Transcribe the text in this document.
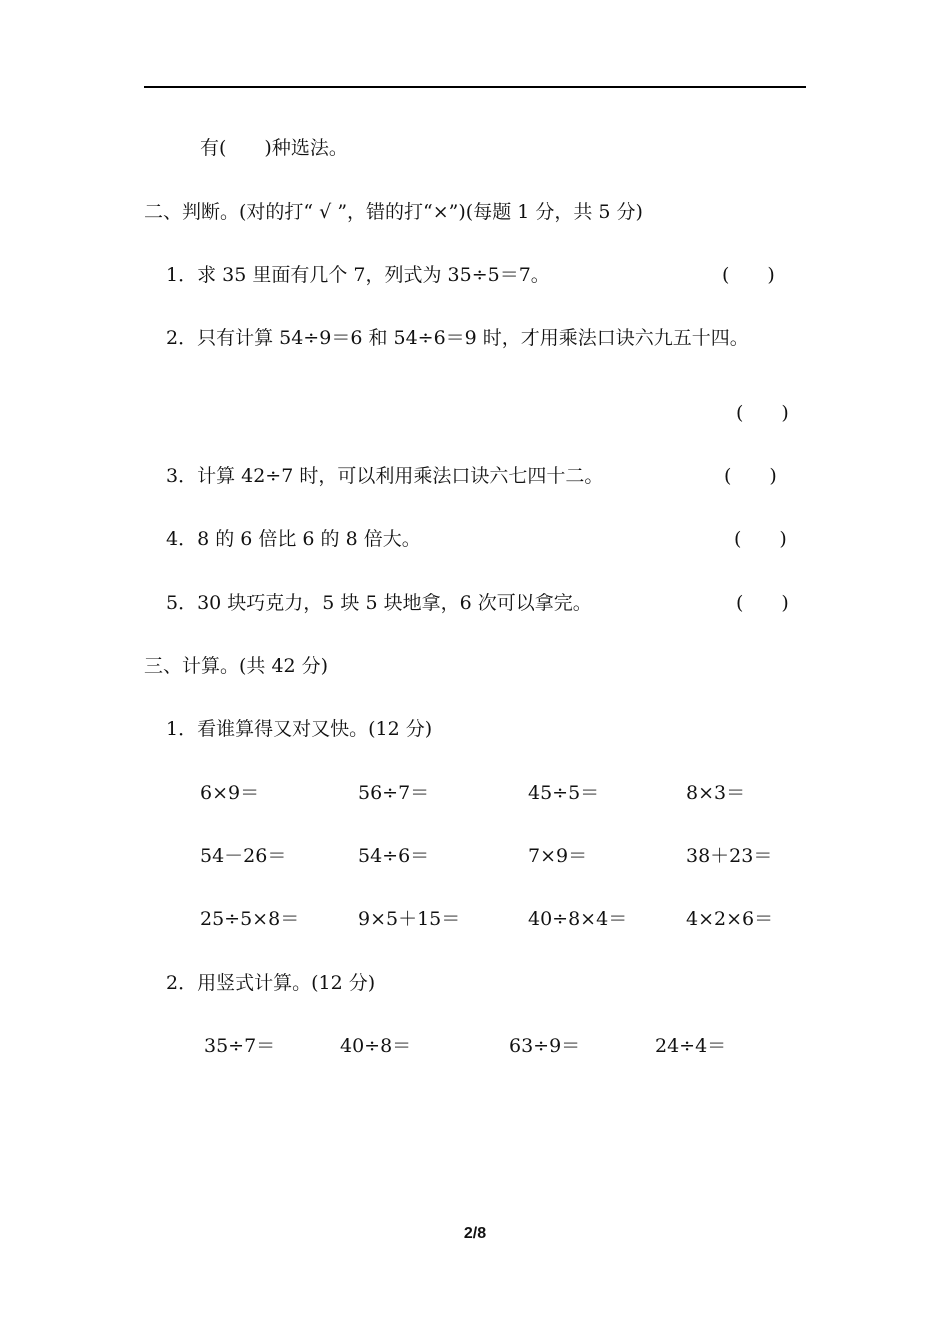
有(　　)种选法。
二、判断。(对的打“ √ ”，错的打“×”)(每题 1 分，共 5 分)
1．求 35 里面有几个 7，列式为 35÷5＝7。	(　　)
2．只有计算 54÷9＝6 和 54÷6＝9 时，才用乘法口诀六九五十四。
(　　)
3．计算 42÷7 时，可以利用乘法口诀六七四十二。	(　　)
4．8 的 6 倍比 6 的 8 倍大。	(　　)
5．30 块巧克力，5 块 5 块地拿，6 次可以拿完。	(　　)
三、计算。(共 42 分)
1．看谁算得又对又快。(12 分)
6×9＝	56÷7＝	45÷5＝	8×3＝
54－26＝	54÷6＝	7×9＝	38＋23＝
25÷5×8＝	9×5＋15＝	40÷8×4＝	4×2×6＝
2．用竖式计算。(12 分)
35÷7＝	40÷8＝	63÷9＝	24÷4＝
2/8
